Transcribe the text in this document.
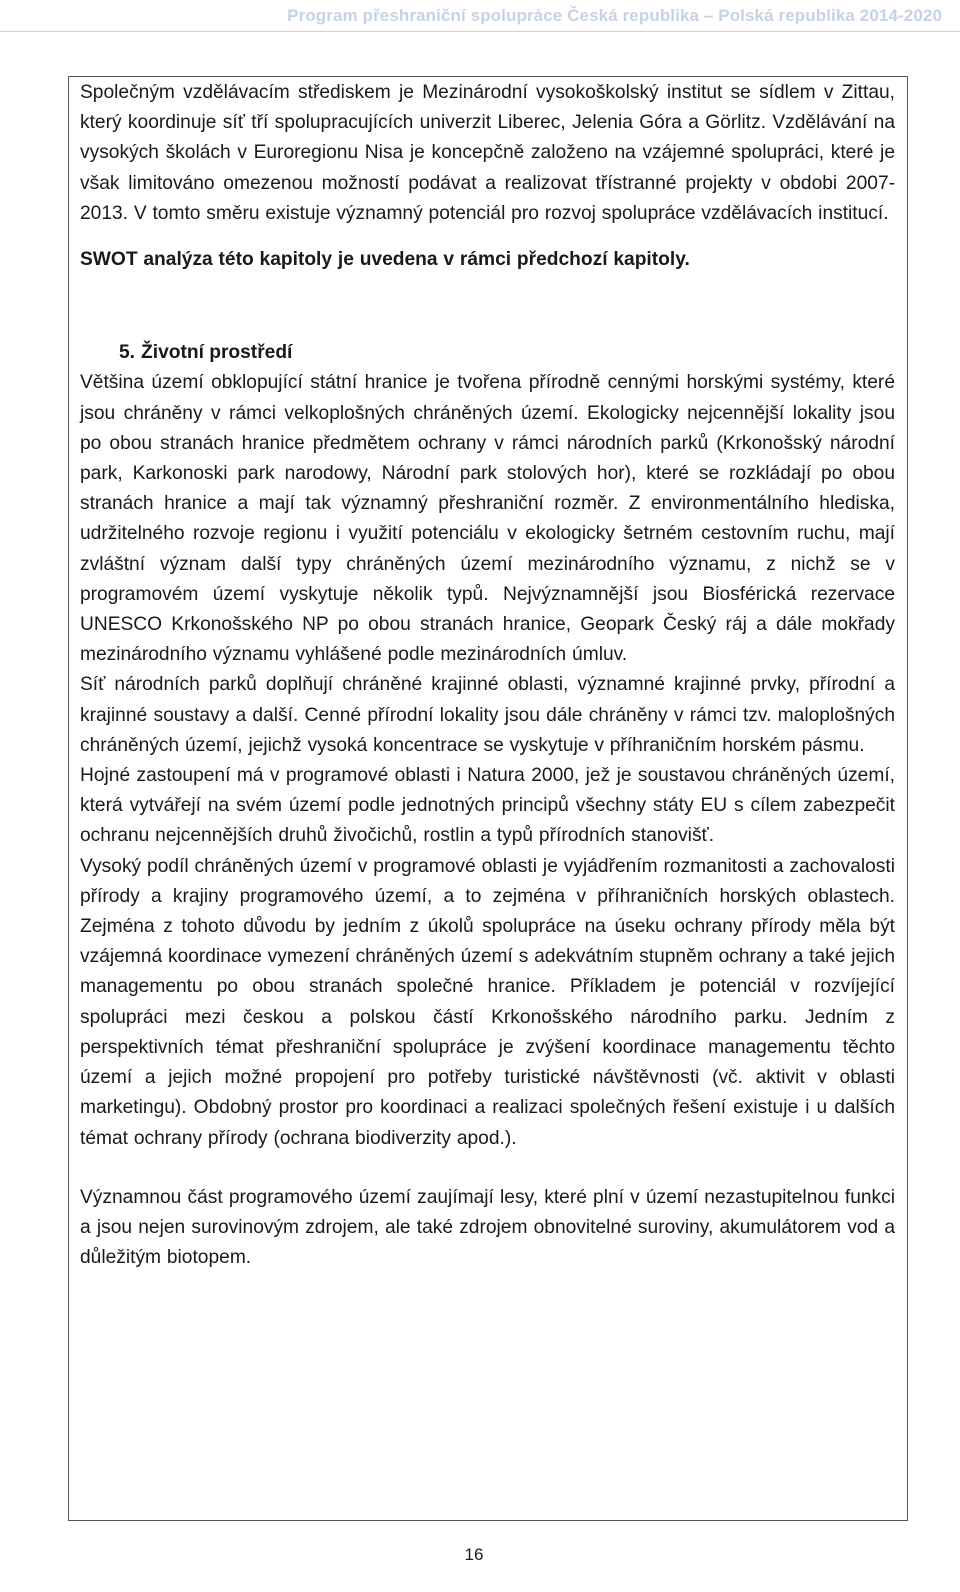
Program přeshraniční spolupráce Česká republika – Polská republika 2014-2020

Společným vzdělávacím střediskem je Mezinárodní vysokoškolský institut se sídlem v Zittau, který koordinuje síť tří spolupracujících univerzit Liberec, Jelenia Góra a Görlitz. Vzdělávání na vysokých školách v Euroregionu Nisa je koncepčně založeno na vzájemné spolupráci, které je však limitováno omezenou možností podávat a realizovat třístranné projekty v obdobi 2007-2013. V tomto směru existuje významný potenciál pro rozvoj spolupráce vzdělávacích institucí.

SWOT analýza této kapitoly je uvedena v rámci předchozí kapitoly.

5. Životní prostředí

Většina území obklopující státní hranice je tvořena přírodně cennými horskými systémy, které jsou chráněny v rámci velkoplošných chráněných území. Ekologicky nejcennější lokality jsou po obou stranách hranice předmětem ochrany v rámci národních parků (Krkonošský národní park, Karkonoski park narodowy, Národní park stolových hor), které se rozkládají po obou stranách hranice a mají tak významný přeshraniční rozměr. Z environmentálního hlediska, udržitelného rozvoje regionu i využití potenciálu v ekologicky šetrném cestovním ruchu, mají zvláštní význam další typy chráněných území mezinárodního významu, z nichž se v programovém území vyskytuje několik typů. Nejvýznamnější jsou Biosférická rezervace UNESCO Krkonošského NP po obou stranách hranice, Geopark Český ráj a dále mokřady mezinárodního významu vyhlášené podle mezinárodních úmluv.

Síť národních parků doplňují chráněné krajinné oblasti, významné krajinné prvky, přírodní a krajinné soustavy a další. Cenné přírodní lokality jsou dále chráněny v rámci tzv. maloplošných chráněných území, jejichž vysoká koncentrace se vyskytuje v příhraničním horském pásmu.

Hojné zastoupení má v programové oblasti i Natura 2000, jež je soustavou chráněných území, která vytvářejí na svém území podle jednotných principů všechny státy EU s cílem zabezpečit ochranu nejcennějších druhů živočichů, rostlin a typů přírodních stanovišť.

Vysoký podíl chráněných území v programové oblasti je vyjádřením rozmanitosti a zachovalosti přírody a krajiny programového území, a to zejména v příhraničních horských oblastech. Zejména z tohoto důvodu by jedním z úkolů spolupráce na úseku ochrany přírody měla být vzájemná koordinace vymezení chráněných území s adekvátním stupněm ochrany a také jejich managementu po obou stranách společné hranice. Příkladem je potenciál v rozvíjející spolupráci mezi českou a polskou částí Krkonošského národního parku. Jedním z perspektivních témat přeshraniční spolupráce je zvýšení koordinace managementu těchto území a jejich možné propojení pro potřeby turistické návštěvnosti (vč. aktivit v oblasti marketingu). Obdobný prostor pro koordinaci a realizaci společných řešení existuje i u dalších témat ochrany přírody (ochrana biodiverzity apod.).

Významnou část programového území zaujímají lesy, které plní v území nezastupitelnou funkci a jsou nejen surovinovým zdrojem, ale také zdrojem obnovitelné suroviny, akumulátorem vod a důležitým biotopem.

16
